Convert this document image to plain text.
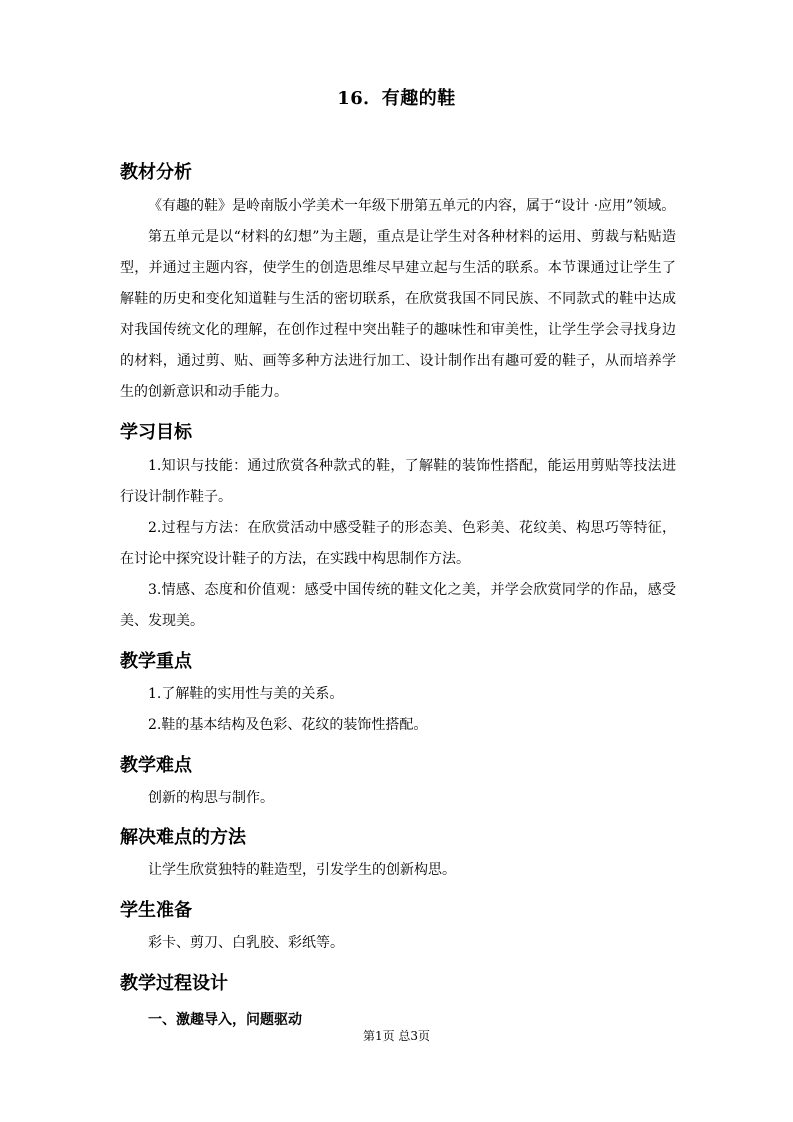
16．有趣的鞋
教材分析

《有趣的鞋》是岭南版小学美术一年级下册第五单元的内容，属于“设计 ·应用”领域。

第五单元是以“材料的幻想”为主题，重点是让学生对各种材料的运用、剪裁与粘贴造型，并通过主题内容，使学生的创造思维尽早建立起与生活的联系。本节课通过让学生了解鞋的历史和变化知道鞋与生活的密切联系，在欣赏我国不同民族、不同款式的鞋中达成对我国传统文化的理解，在创作过程中突出鞋子的趣味性和审美性，让学生学会寻找身边的材料，通过剪、贴、画等多种方法进行加工、设计制作出有趣可爱的鞋子，从而培养学生的创新意识和动手能力。

学习目标

1.知识与技能：通过欣赏各种款式的鞋，了解鞋的装饰性搭配，能运用剪贴等技法进行设计制作鞋子。

2.过程与方法：在欣赏活动中感受鞋子的形态美、色彩美、花纹美、构思巧等特征，在讨论中探究设计鞋子的方法，在实践中构思制作方法。

3.情感、态度和价值观：感受中国传统的鞋文化之美，并学会欣赏同学的作品，感受美、发现美。

教学重点

1.了解鞋的实用性与美的关系。

2.鞋的基本结构及色彩、花纹的装饰性搭配。

教学难点

创新的构思与制作。

解决难点的方法

让学生欣赏独特的鞋造型，引发学生的创新构思。

学生准备

彩卡、剪刀、白乳胶、彩纸等。

教学过程设计

一、激趣导入，问题驱动

第1页 总3页
